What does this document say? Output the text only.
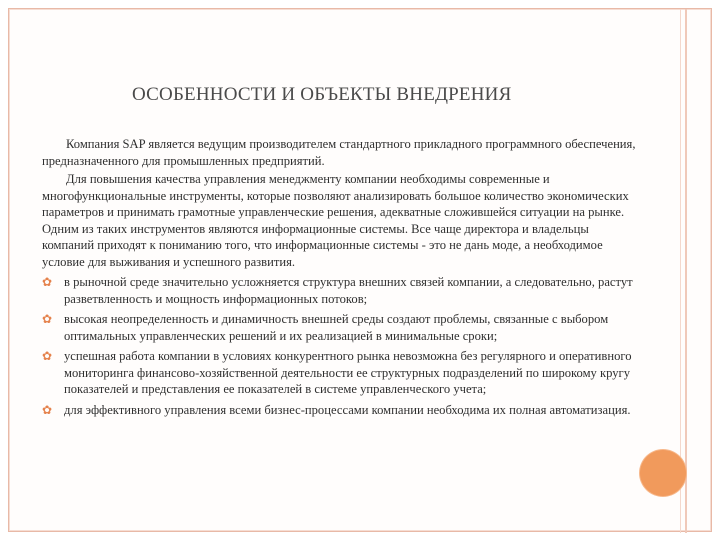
ОСОБЕННОСТИ И ОБЪЕКТЫ ВНЕДРЕНИЯ

Компания SAP является ведущим производителем стандартного прикладного программного обеспечения, предназначенного для промышленных предприятий.

Для повышения качества управления менеджменту компании необходимы современные и многофункциональные инструменты, которые позволяют анализировать большое количество экономических параметров и принимать грамотные управленческие решения, адекватные сложившейся ситуации на рынке. Одним из таких инструментов являются информационные системы. Все чаще директора и владельцы компаний приходят к пониманию того, что информационные системы - это не дань моде, а необходимое условие для выживания и успешного развития.

✿ в рыночной среде значительно усложняется структура внешних связей компании, а следовательно, растут разветвленность и мощность информационных потоков;
✿ высокая неопределенность и динамичность внешней среды создают проблемы, связанные с выбором оптимальных управленческих решений и их реализацией в минимальные сроки;
✿ успешная работа компании в условиях конкурентного рынка невозможна без регулярного и оперативного мониторинга финансово-хозяйственной деятельности ее структурных подразделений по широкому кругу показателей и представления ее показателей в системе управленческого учета;
✿ для эффективного управления всеми бизнес-процессами компании необходима их полная автоматизация.
